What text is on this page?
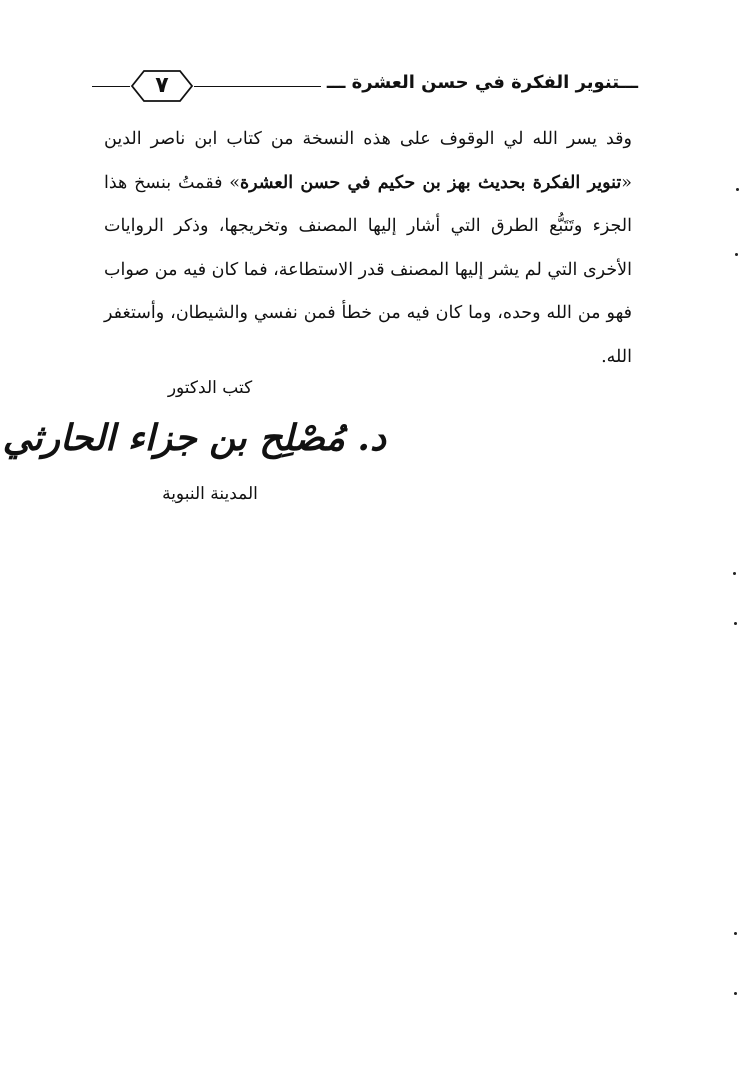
٧	ـــتنوير الفكرة في حسن العشرة ـــ
وقد يسر الله لي الوقوف على هذه النسخة من كتاب ابن ناصر الدين «تنوير الفكرة بحديث بهز بن حكيم في حسن العشرة» فقمتُ بنسخ هذا الجزء وتَتَبُّع الطرق التي أشار إليها المصنف وتخريجها، وذكر الروايات الأخرى التي لم يشر إليها المصنف قدر الاستطاعة، فما كان فيه من صواب فهو من الله وحده، وما كان فيه من خطأ فمن نفسي والشيطان، وأستغفر الله.
كتب الدكتور
د. مُصْلِح بن جزاء الحارثي
المدينة النبوية
